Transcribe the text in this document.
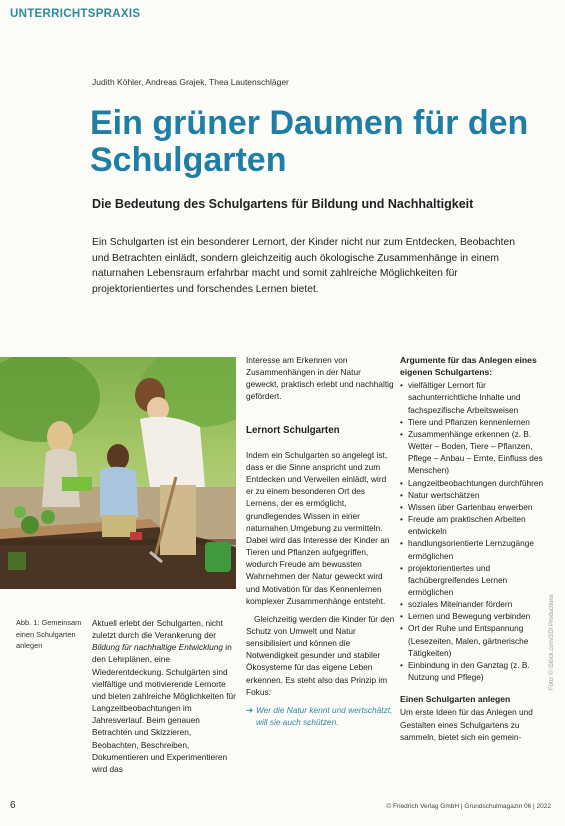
UNTERRICHTSPRAXIS
Judith Köhler, Andreas Grajek, Thea Lautenschläger
Ein grüner Daumen für den Schulgarten
Die Bedeutung des Schulgartens für Bildung und Nachhaltigkeit
Ein Schulgarten ist ein besonderer Lernort, der Kinder nicht nur zum Entdecken, Beobachten und Betrachten einlädt, sondern gleichzeitig auch ökologische Zusammenhänge in einem naturnahen Lebensraum erfahrbar macht und somit zahlreiche Möglichkeiten für projektorientiertes und forschendes Lernen bietet.
Abb. 1: Gemeinsam einen Schulgarten anlegen

Aktuell erlebt der Schulgarten, nicht zuletzt durch die Verankerung der Bildung für nachhaltige Entwicklung in den Lehrplänen, eine Wiederentdeckung. Schulgärten sind vielfältige und motivierende Lernorte und bieten zahlreiche Möglichkeiten für Langzeitbeobachtungen im Jahresverlauf. Beim genauen Betrachten und Skizzieren, Beobachten, Beschreiben, Dokumentieren und Experimentieren wird das

Interesse am Erkennen von Zusammenhängen in der Natur geweckt, praktisch erlebt und nachhaltig gefördert.

Lernort Schulgarten

Indem ein Schulgarten so angelegt ist, dass er die Sinne anspricht und zum Entdecken und Verweilen einlädt, wird er zu einem besonderen Ort des Lernens, der es ermöglicht, grundlegendes Wissen in einer naturnahen Umgebung zu vermitteln. Dabei wird das Interesse der Kinder an Tieren und Pflanzen aufgegriffen, wodurch Freude am bewussten Wahrnehmen der Natur geweckt wird und Motivation für das Kennenlernen komplexer Zusammenhänge entsteht.

Gleichzeitig werden die Kinder für den Schutz von Umwelt und Natur sensibilisiert und können die Notwendigkeit gesunder und stabiler Ökosysteme für das eigene Leben erkennen. Es steht also das Prinzip im Fokus:

➔ Wer die Natur kennt und wertschätzt, will sie auch schützen.

Argumente für das Anlegen eines eigenen Schulgartens:
• vielfältiger Lernort für sachunterrichtliche Inhalte und fachspezifische Arbeitsweisen
• Tiere und Pflanzen kennenlernen
• Zusammenhänge erkennen (z. B. Wetter – Boden, Tiere – Pflanzen, Pflege – Anbau – Ernte, Einfluss des Menschen)
• Langzeitbeobachtungen durchführen
• Natur wertschätzen
• Wissen über Gartenbau erwerben
• Freude am praktischen Arbeiten entwickeln
• handlungsorientierte Lernzugänge ermöglichen
• projektorientiertes und fachübergreifendes Lernen ermöglichen
• soziales Miteinander fördern
• Lernen und Bewegung verbinden
• Ort der Ruhe und Entspannung (Lesezeiten, Malen, gärtnerische Tätigkeiten)
• Einbindung in den Ganztag (z. B. Nutzung und Pflege)
Einen Schulgarten anlegen

Um erste Ideen für das Anlegen und Gestalten eines Schulgartens zu sammeln, bietet sich ein gemein-

Foto: © iStock.com/SDI Productions
6	© Friedrich Verlag GmbH | Grundschulmagazin 06 | 2022
